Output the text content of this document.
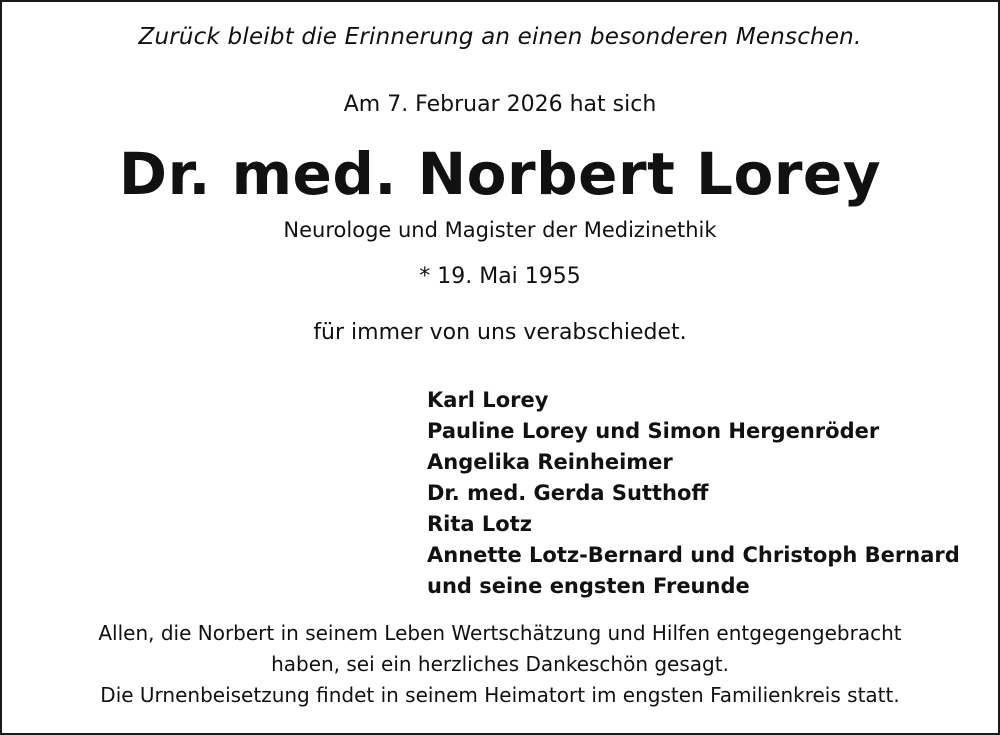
Zurück bleibt die Erinnerung an einen besonderen Menschen.
Am 7. Februar 2026 hat sich
Dr. med. Norbert Lorey
Neurologe und Magister der Medizinethik
* 19. Mai 1955
für immer von uns verabschiedet.
Karl Lorey
Pauline Lorey und Simon Hergenröder
Angelika Reinheimer
Dr. med. Gerda Sutthoff
Rita Lotz
Annette Lotz-Bernard und Christoph Bernard
und seine engsten Freunde
Allen, die Norbert in seinem Leben Wertschätzung und Hilfen entgegengebracht
haben, sei ein herzliches Dankeschön gesagt.
Die Urnenbeisetzung findet in seinem Heimatort im engsten Familienkreis statt.
